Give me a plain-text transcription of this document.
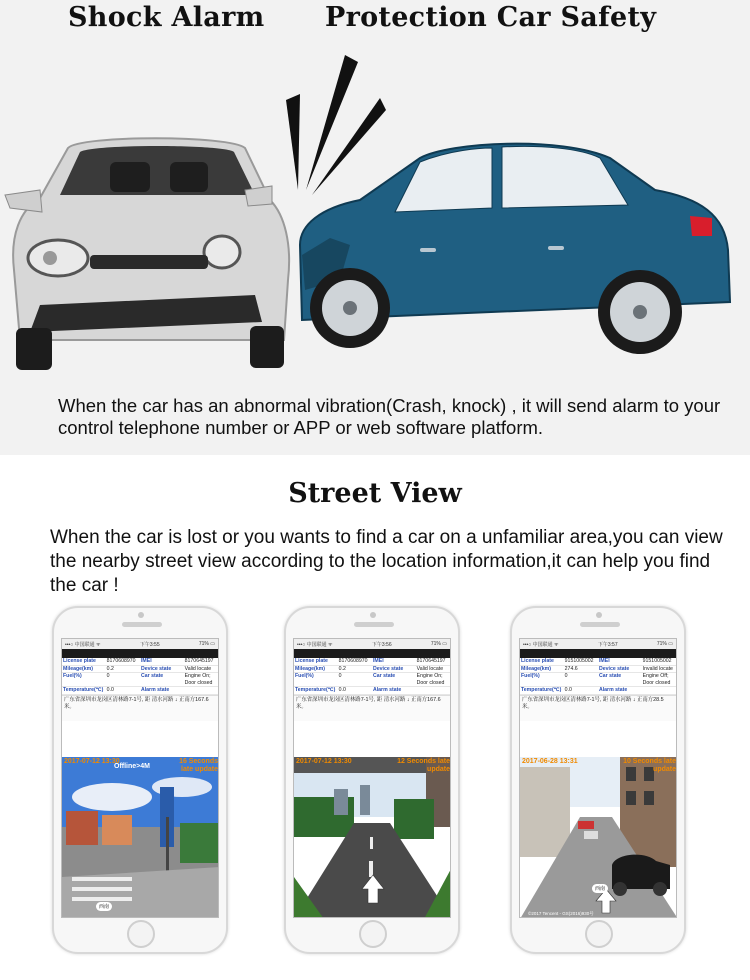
Shock Alarm Protection Car Safety
When the car has an abnormal vibration(Crash, knock) , it will send alarm to your control telephone number or APP or web software platform.
Street View
When the car is lost or you wants to find a car on a unfamiliar area,you can view the nearby street view according to the location information,it can help you find the car !
•••○ 中国联通 ᯤ	下午3:55	71% ▭
License plate	8170608970	IMEI	8170645197
Mileage(km)	0.2	Device state	Valid locate
Fuel(%)	0	Car state	Engine On; Door closed
Temperature(℃)	0.0	Alarm state	
广东省深圳市龙岗区清林路7-1号, 距 清水河路 ↓ 正南方167.6米。
2017-07-12 13:30
Offline>4M
16 Seconds late update
西南
•••○ 中国联通 ᯤ	下午3:56	71% ▭
License plate	8170608970	IMEI	8170645197
Mileage(km)	0.2	Device state	Valid locate
Fuel(%)	0	Car state	Engine On; Door closed
Temperature(℃)	0.0	Alarm state	
广东省深圳市龙岗区清林路7-1号, 距 清水河路 ↓ 正南方167.6米。
2017-07-12 13:30	12 Seconds late update
•••○ 中国联通 ᯤ	下午3:57	71% ▭
License plate	9151005002	IMEI	9151005002
Mileage(km)	274.6	Device state	Invalid locate
Fuel(%)	0	Car state	Engine Off; Door closed
Temperature(℃)	0.0	Alarm state	
广东省深圳市龙岗区清林路7-1号, 距 清水河路 ↓ 正南方28.5米。
2017-06-28 13:31	10 Seconds late update
西南
©2017 Tencent - GS(2016)930号
